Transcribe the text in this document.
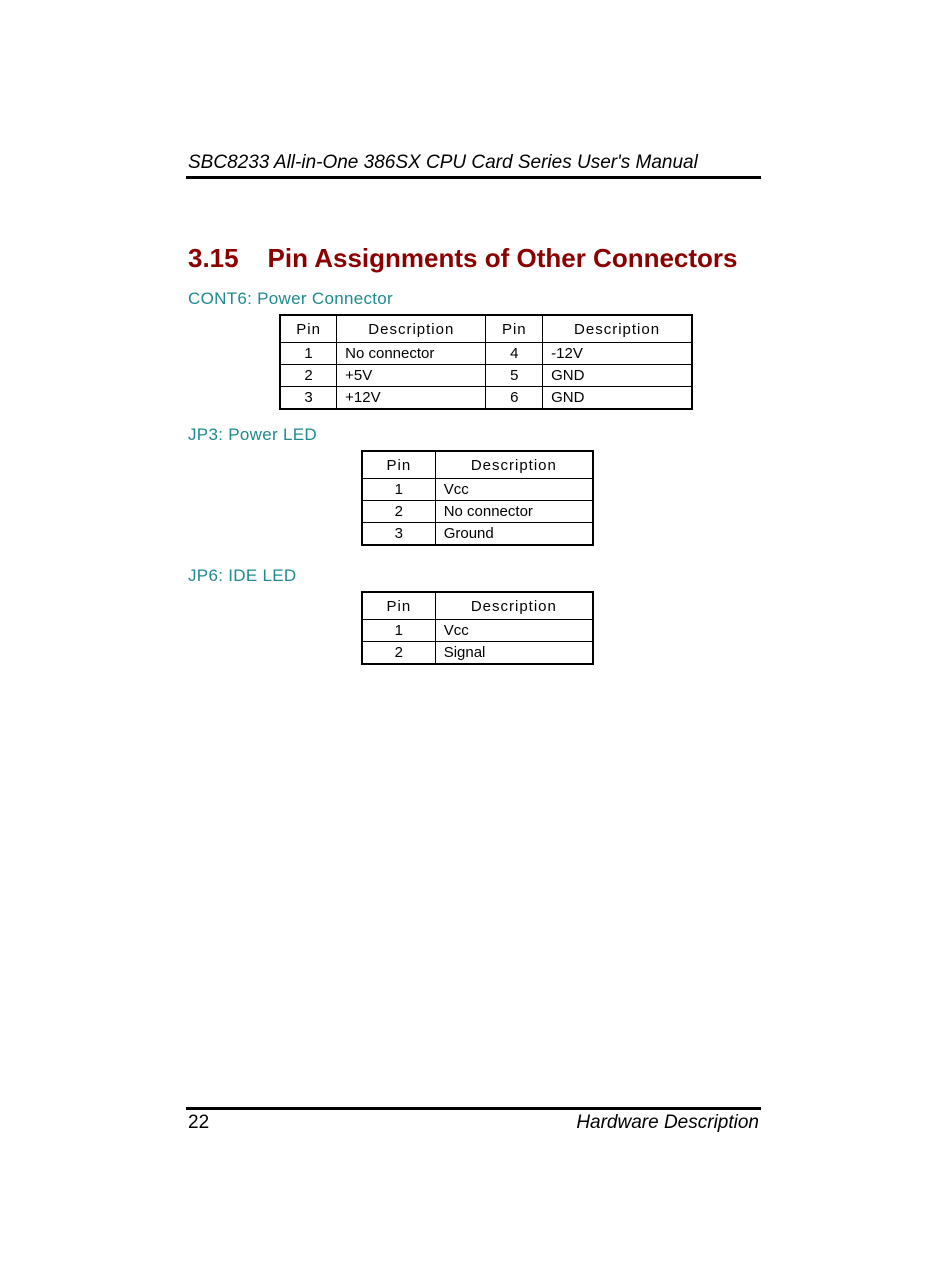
SBC8233 All-in-One 386SX CPU Card Series User's Manual
3.15 Pin Assignments of Other Connectors
CONT6: Power Connector
Pin	Description	Pin	Description
1	No connector	4	-12V
2	+5V	5	GND
3	+12V	6	GND
JP3: Power LED
Pin	Description
1	Vcc
2	No connector
3	Ground
JP6: IDE LED
Pin	Description
1	Vcc
2	Signal
22	Hardware Description
